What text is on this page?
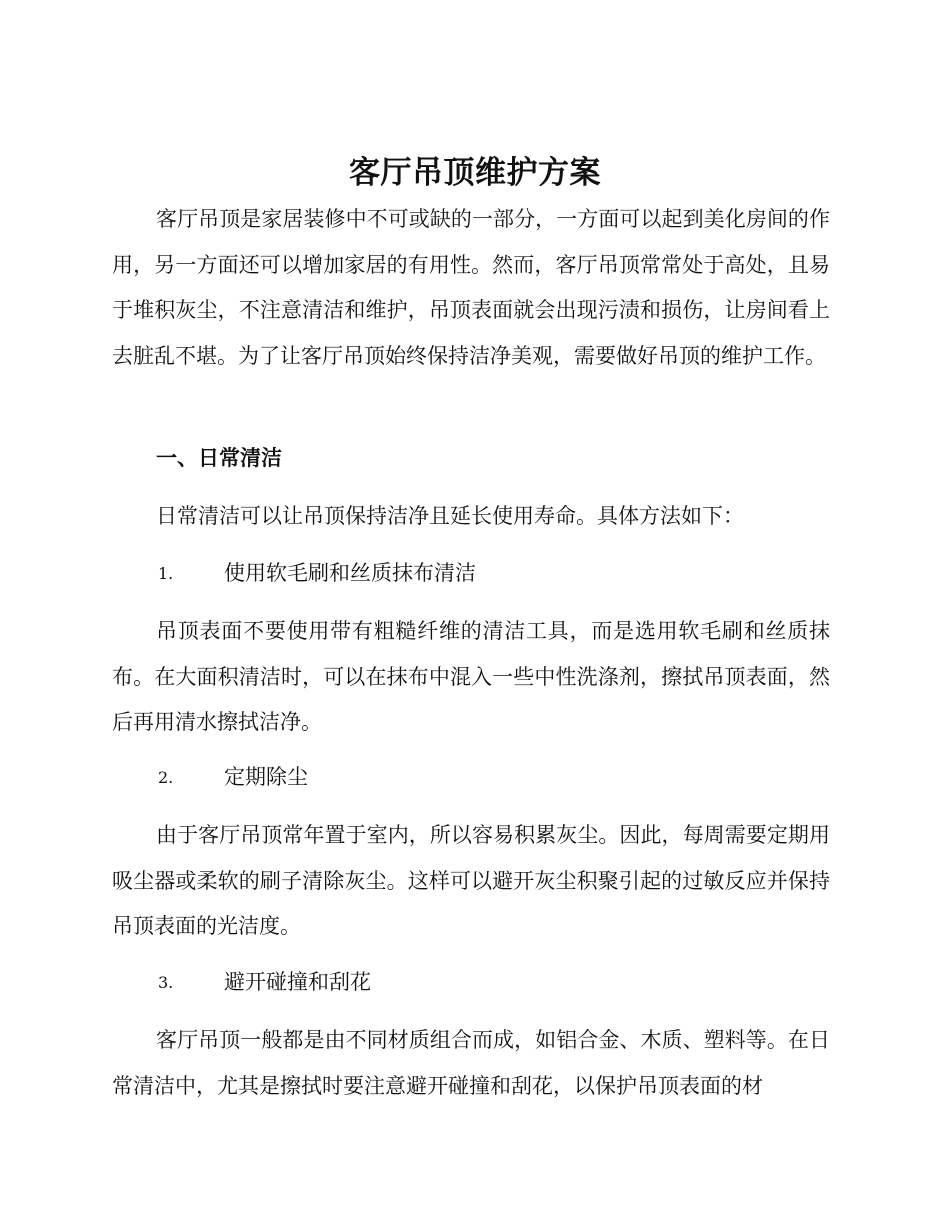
客厅吊顶维护方案

客厅吊顶是家居装修中不可或缺的一部分，一方面可以起到美化房间的作用，另一方面还可以增加家居的有用性。然而，客厅吊顶常常处于高处，且易于堆积灰尘，不注意清洁和维护，吊顶表面就会出现污渍和损伤，让房间看上去脏乱不堪。为了让客厅吊顶始终保持洁净美观，需要做好吊顶的维护工作。

一、日常清洁

日常清洁可以让吊顶保持洁净且延长使用寿命。具体方法如下：

1. 使用软毛刷和丝质抹布清洁

吊顶表面不要使用带有粗糙纤维的清洁工具，而是选用软毛刷和丝质抹布。在大面积清洁时，可以在抹布中混入一些中性洗涤剂，擦拭吊顶表面，然后再用清水擦拭洁净。

2. 定期除尘

由于客厅吊顶常年置于室内，所以容易积累灰尘。因此，每周需要定期用吸尘器或柔软的刷子清除灰尘。这样可以避开灰尘积聚引起的过敏反应并保持吊顶表面的光洁度。

3. 避开碰撞和刮花

客厅吊顶一般都是由不同材质组合而成，如铝合金、木质、塑料等。在日常清洁中，尤其是擦拭时要注意避开碰撞和刮花，以保护吊顶表面的材
